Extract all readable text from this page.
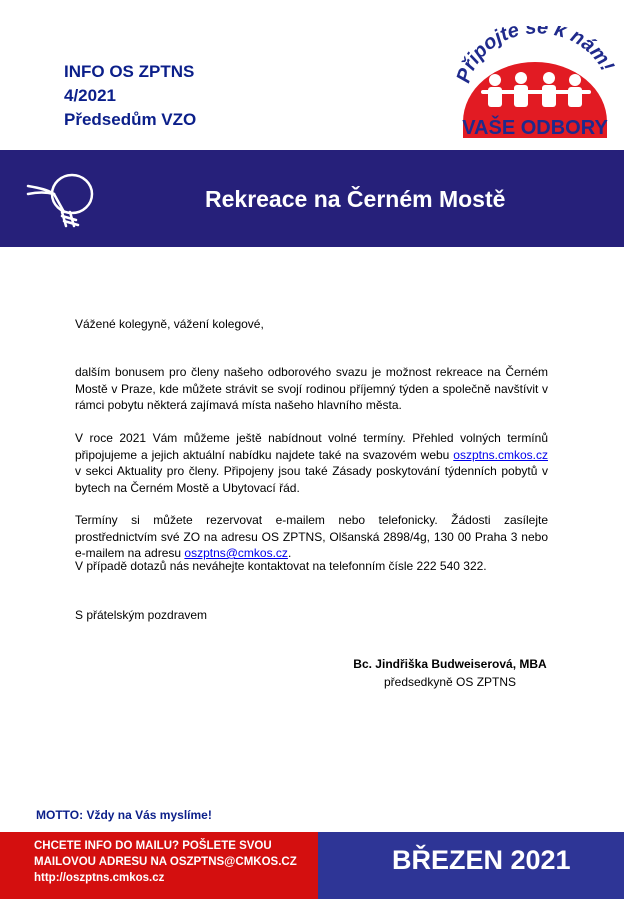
INFO OS ZPTNS
4/2021
Předsedům VZO
Připojte se k nám
VAŠE ODBORY
Rekreace na Černém Mostě
Vážené kolegyně, vážení kolegové,
dalším bonusem pro členy našeho odborového svazu je možnost rekreace na Černém Mostě v Praze, kde můžete strávit se svojí rodinou příjemný týden a společně navštívit v rámci pobytu některá zajímavá místa našeho hlavního města.
V roce 2021 Vám můžeme ještě nabídnout volné termíny. Přehled volných termínů připojujeme a jejich aktuální nabídku najdete také na svazovém webu oszptns.cmkos.cz v sekci Aktuality pro členy. Připojeny jsou také Zásady poskytování týdenních pobytů v bytech na Černém Mostě a Ubytovací řád.
Termíny si můžete rezervovat e-mailem nebo telefonicky. Žádosti zasílejte prostřednictvím své ZO na adresu OS ZPTNS, Olšanská 2898/4g, 130 00 Praha 3 nebo e-mailem na adresu oszptns@cmkos.cz.
V případě dotazů nás neváhejte kontaktovat na telefonním čísle 222 540 322.
S přátelským pozdravem
Bc. Jindřiška Budweiserová, MBA
předsedkyně OS ZPTNS
MOTTO: Vždy na Vás myslíme!
CHCETE INFO DO MAILU? POŠLETE SVOU
MAILOVOU ADRESU NA OSZPTNS@CMKOS.CZ
http://oszptns.cmkos.cz
BŘEZEN 2021
